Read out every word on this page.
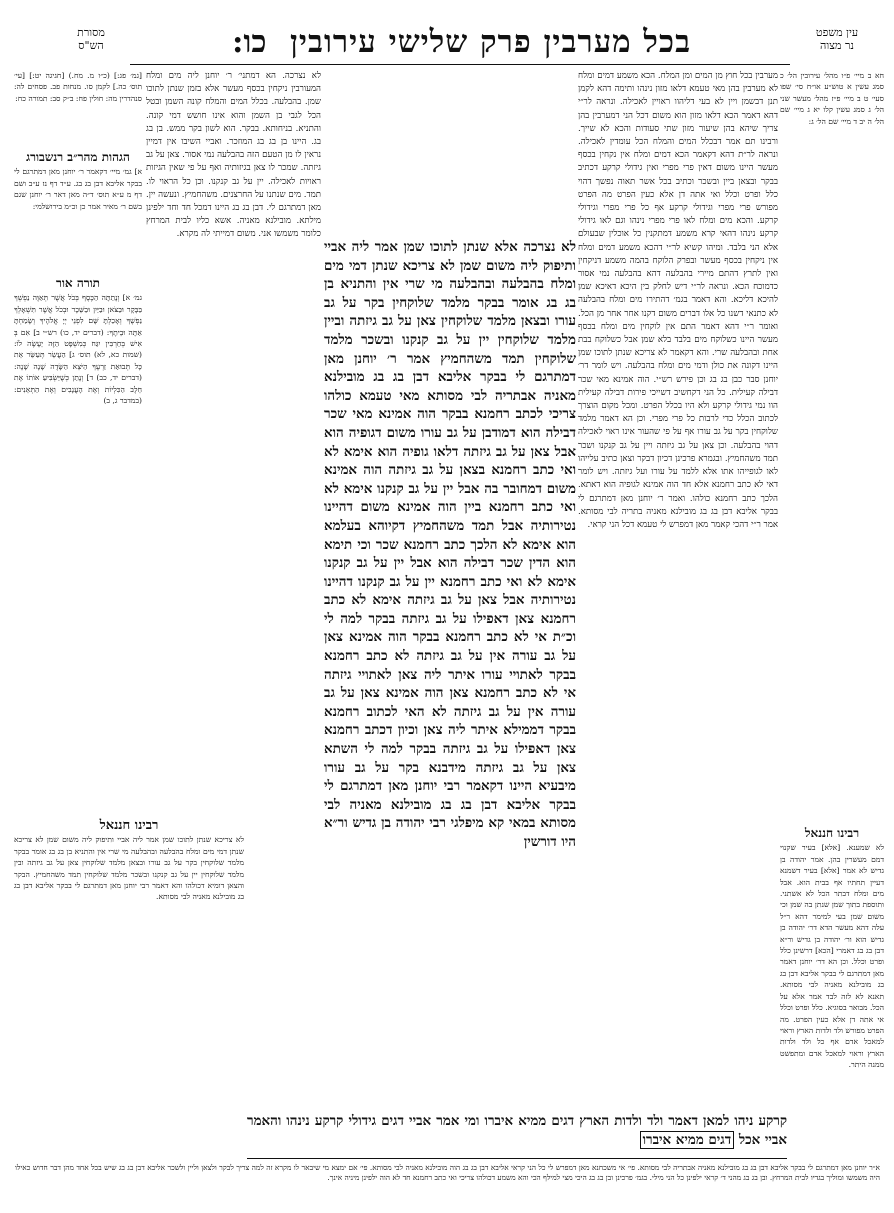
עין משפט
נר מצוה
בכל מערבין פרק שלישי עירובין
כו:
מסורת
הש"ס
חא ב מיי׳ פ״ו מהל׳ עירובין הל׳ כ סמג עשין א טוש״ע או״ח סי׳ שפו סעי׳ ט ב מיי׳ פ״ז מהל׳ מעשר שני הל׳ ג סמג עשין קלו יא ג מיי׳ שם הל׳ ה יב ד מיי׳ שם הל׳ ג:
מערבין בכל חוץ מן המים ומן המלח. הכא משמע דמים ומלח לא מערבין בהן מאי טעמא דלאו מזון נינהו ותימה דהא לקמן תנן דבשמן ויין לא בעי דליהוו ראויין לאכילה. ונראה לר״י דהא דאמר הכא דלאו מזון הוא משום דכל הני דמערבין בהן צריך שיהא בהן שיעור מזון שתי סעודות והכא לא שייך. ורבינו תם אמר דבכלל המים והמלח הכל עומדין לאכילה. ונראה לר״ת דהא דקאמר הכא דמים ומלח אין נקחין בכסף מעשר היינו משום דאין פרי מפרי ואין גידולי קרקע דכתיב בבקר ובצאן ביין ובשכר וכתיב בכל אשר תאוה נפשך דהוי כלל ופרט וכלל ואי אתה דן אלא כעין הפרט מה הפרט מפורש פרי מפרי וגידולי קרקע אף כל פרי מפרי וגידולי קרקע. והכא מים ומלח לאו פרי מפרי נינהו וגם לאו גידולי קרקע נינהו דהאי קרא משמע דמתקנין כל אוכלין שבעולם אלא הני בלבד. ומיהו קשיא לר״י דהכא משמע דמים ומלח אין ניקחין בכסף מעשר ובפרק הלוקח בהמה משמע דניקחין ואין לתרץ דהתם מיירי בהבלעה דהא בהבלעה נמי אסור כדמוכח הכא. ונראה לר״י דיש לחלק בין היכא דאיכא שמן להיכא דליכא. והא דאמר בגמ׳ דהתירו מים ומלח בהבלעה לא כתנאי דשנו כל אלו דברים משום דקנו אחר אחר מן הכל. ואומר ר״י דהא דאמר התם אין לוקחין מים ומלח בכסף מעשר היינו כשלוקח מים בלבד בלא שמן אבל כשלוקח בבת אחת ובהבלעה שרי. והא דקאמר לא צריכא שנתן לתוכו שמן היינו דקונה את כולן ודמי מים ומלח בהבלעה. ויש לומר דר׳ יוחנן סבר כבן בג בג וכן פירש רש״י. הוה אמינא מאי שכר דבילה קעילית. כל הני דקחשיב דשייכי פירות דבילה קעילית הוו נמי גידולי קרקע ולא היו בכלל הפרט. ומכל מקום הוצרך לכתוב הכלל כדי לרבות כל פרי מפרי. וכן הא דאמר מלמד שלוקחין בקר על גב עורו אף על פי שהעור אינו ראוי לאכילה דהוי בהבלעה. וכן צאן על גב גיזתה ויין על גב קנקנו ושכר תמד משהחמיץ. ובגמרא פרכינן דכיון דבקר וצאן כתיב עלייהו לאו לגופייהו אתו אלא ללמד על עורו ועל גיזתה. ויש לומר דאי לא כתב רחמנא אלא חד הוה אמינא לגופיה הוא דאתא. הלכך כתב רחמנא כולהו. ואמר ר׳ יוחנן מאן דמתרגם לי בבקר אליבא דבן בג בג מובילנא מאניה בתריה לבי מסותא. אמר ר״י דהכי קאמר מאן דמפרש לי טעמא דכל הני קראי.
רבינו חננאל
לא שמענא. [אלא] בעיר שקנוי דמם מעשרין בהן. אמר יהודה בן גדיש לא אמר [אלא] בעיר דשמנא דעיין תחתיו אף בבית הוא. אבל מים ומלח דבתר הכל לא אשתני. ותוספת בתוך שמן שנתן בה שמן וכי משום שמן בעי למימר דהא ר״ל עלה דהא מעשר הדא דר׳ יהודה בן גדיש הוא ור׳ יהודה בן גדיש ור״א דבן בג בג דאמרי [הכא] דרשינן כלל ופרט וכלל. וכן הא דר׳ יוחנן דאמר מאן דמתרגם לי בבקר אליבא דבן בג בג מובילנא מאניה לבי מסותא. תאנא לא לזה לבד אמר אלא על הכל. מבואר בסוגיא. כלל ופרט וכלל אי אתה דן אלא כעין הפרט. מה הפרט מפורש ולד ולדות הארץ וראוי למאכל אדם אף כל ולד ולדות הארץ וראוי למאכל אדם ומתפשט ממנה היתר.
לא נצרכה אלא שנתן לתוכו שמן אמר ליה אביי ותיפוק ליה משום שמן לא צריכא שנתן דמי מים ומלח בהבלעה ובהבלעה מי שרי אין והתניא בן בג בג אומר בבקר מלמד שלוקחין בקר על גב עורו ובצאן מלמד שלוקחין צאן על גב גיזתה וביין מלמד שלוקחין יין על גב קנקנו ובשכר מלמד שלוקחין תמד משהחמיץ אמר ר׳ יוחנן מאן דמתרגם לי בבקר אליבא דבן בג בג מובילנא מאניה אבתריה לבי מסותא מאי טעמא כולהו צריכי לכתב רחמנא בבקר הוה אמינא מאי שכר דבילה הוא דמודבן על גב עורו משום דגופיה הוא אבל צאן על גב גיזתה דלאו גופיה הוא אימא לא ואי כתב רחמנא בצאן על גב גיזתה הוה אמינא משום דמחובר בה אבל יין על גב קנקנו אימא לא ואי כתב רחמנא ביין הוה אמינא משום דהיינו נטירותיה אבל תמד משהחמיץ דקיוהא בעלמא הוא אימא לא הלכך כתב רחמנא שכר וכי תימא הוא הדין שכר דבילה הוא אבל יין על גב קנקנו אימא לא ואי כתב רחמנא יין על גב קנקנו דהיינו נטירותיה אבל צאן על גב גיזתה אימא לא כתב רחמנא צאן דאפילו על גב גיזתה בבקר למה לי וכ״ת אי לא כתב רחמנא בבקר הוה אמינא צאן על גב עורה אין על גב גיזתה לא כתב רחמנא בבקר לאתויי עורו איתר ליה צאן לאתויי גיזתה אי לא כתב רחמנא צאן הוה אמינא צאן על גב עורה אין על גב גיזתה לא האי לכתוב רחמנא בבקר דממילא איתר ליה צאן וכיון דכתב רחמנא צאן דאפילו על גב גיזתה בבקר למה לי השתא צאן על גב גיזתה מידבנא בקר על גב עורו מיבעיא היינו דקאמר רבי יוחנן מאן דמתרגם לי בבקר אליבא דבן בג בג מובילנא מאניה לבי מסותא במאי קא מיפלגי רבי יהודה בן גדיש ור״א היו דורשין
לא נצרכה. הא דמתני׳ ר׳ יוחנן ליה מים ומלח המעורבין ניקחין בכסף מעשר אלא בזמן שנתן לתוכו שמן. בהבלעה. בכלל המים והמלח קונה השמן ובטל הכל לגבי בן השמן והוא אינו חושש דמי קונה. והתניא. בניחותא. בבקר. הוא לשון בקר ממש. בן בג בג. היינו בן בג בג המוזכר. ואביי השיבו אין דמיין נראין לו מן הטעם הזה בהבלעה נמי אסור. צאן על גב גיזתה. שמכר לו צאן בגיזותיה ואף על פי שאין הגיזות ראויות לאכילה. יין על גב קנקנו. וכן כל הראוי לו. תמד. מים שנתנו על החרצנים. משהחמיץ. ונעשה יין. מאן דמתרגם לי. דבן בג בג היינו דמכל חד וחד ילפינן מילתא. מובילנא מאניה. אשא כליו לבית המרחץ כלומר משמשו אני. משום דמייתי לה מקרא.
[גמ׳ פג:] (כ״ו מ. מח.) [חגיגה יט:] [עי׳ תוס׳ כה.] לקמן סו. מנחות פב. פסחים לה: סנהדרין מה: חולין פח: ב״ק סב: תמורה כח:
הגהות מהר״ב רנשבורג
א] גמ׳ מיי׳ דקאמר ר׳ יוחנן מאן דמתרגם לי בבקר אליבא דבן בג בג. ע״ד דף נז ע״ב ושם דף מ ע״א תוס׳ ד״ה מאן דאר ר׳ יוחנן שגם בשם ר׳ מאיר אמר כן וכ״מ בירושלמי:
תורה אור
גמ׳ א] וְנָתַתָּה הַכֶּסֶף בְּכֹל אֲשֶׁר תְּאַוֶּה נַפְשְׁךָ בַּבָּקָר וּבַצֹּאן וּבַיַּיִן וּבַשֵּׁכָר וּבְכֹל אֲשֶׁר תִּשְׁאָלְךָ נַפְשֶׁךָ וְאָכַלְתָּ שָּׁם לִפְנֵי יְיָ אֱלֹהֶיךָ וְשָׂמַחְתָּ אַתָּה וּבֵיתֶךָ: (דברים יד, כו) רש״י ב] אִם בְּ אִישׁ בְּחַרְבִּין יִגַּח כְּמִשְׁפָּט הַזֶּה יֵעָשֶׂה לוֹ: (שמות כא, לא) תוס׳ ג] הַעֲשֵׂר תְּעַשֵּׂר אֵת כָּל תְּבוּאַת זַרְעֶךָ הַיֹּצֵא הַשָּׂדֶה שָׁנָה שָׁנָה: (דברים יד, כב) ד] וְנָתַן כְּשֶׁיַּשְׂבִּיעַ אוֹתוֹ אֶת חֵלֶב הַכִּלְיוֹת וְאֶת הָעֲנָבִים וְאֶת הַתְּאֵנִים: (במדבר ג, ב)
רבינו חננאל
לא צריכא שנתן לתוכו שמן אמר ליה אביי ותיפוק ליה משום שמן לא צריכא שנתן דמי מים ומלח בהבלעה ובהבלעה מי שרי אין והתניא בן בג בג אומר בבקר מלמד שלוקחין בקר על גב עורו ובצאן מלמד שלוקחין צאן על גב גיזתה ובין מלמד שלוקחין יין על גב קנקנו ובשכר מלמד שלוקחין תמד משהחמיץ. הבקר והצאן דומיא דכולהו והא דאמר רבי יוחנן מאן דמתרגם לי בבקר אליבא דבן בג בג מובילנא מאניה לבי מסותא.
קרקע ניהו למאן דאמר ולד ולדות הארץ דגים ממיא איברו ומי אמר אביי דגים גידולי קרקע נינהו והאמר אביי אכל דגים ממיא איברו
א״ר יוחנן מאן דמתרגם לי בבקר אליבא דבן בג בג מובילנא מאניה אבתריה לבי מסותא. פי׳ אי משכחנא מאן דמפרש לי כל הני קראי אליבא דבן בג בג הוה מובילנא מאניה לבי מסותא. פי׳ אם ימצא מי שיבאר לו מקרא זה למה צריך לבקר ולצאן וליין ולשכר אליבא דבן בג בג שיש בכל אחד מהן דבר חדוש כאילו היה משמשו ומוליך בגדיו לבית המרחץ. ובן בג בג מהני ד׳ קראי ילפינן כל הני מילי. בגמ׳ פרכינן ובן בג בג היכי מצי למילף הכי והא משמע דכולהו צריכי ואי כתב רחמנא חד לא הוה ילפינן מיניה אינך.
